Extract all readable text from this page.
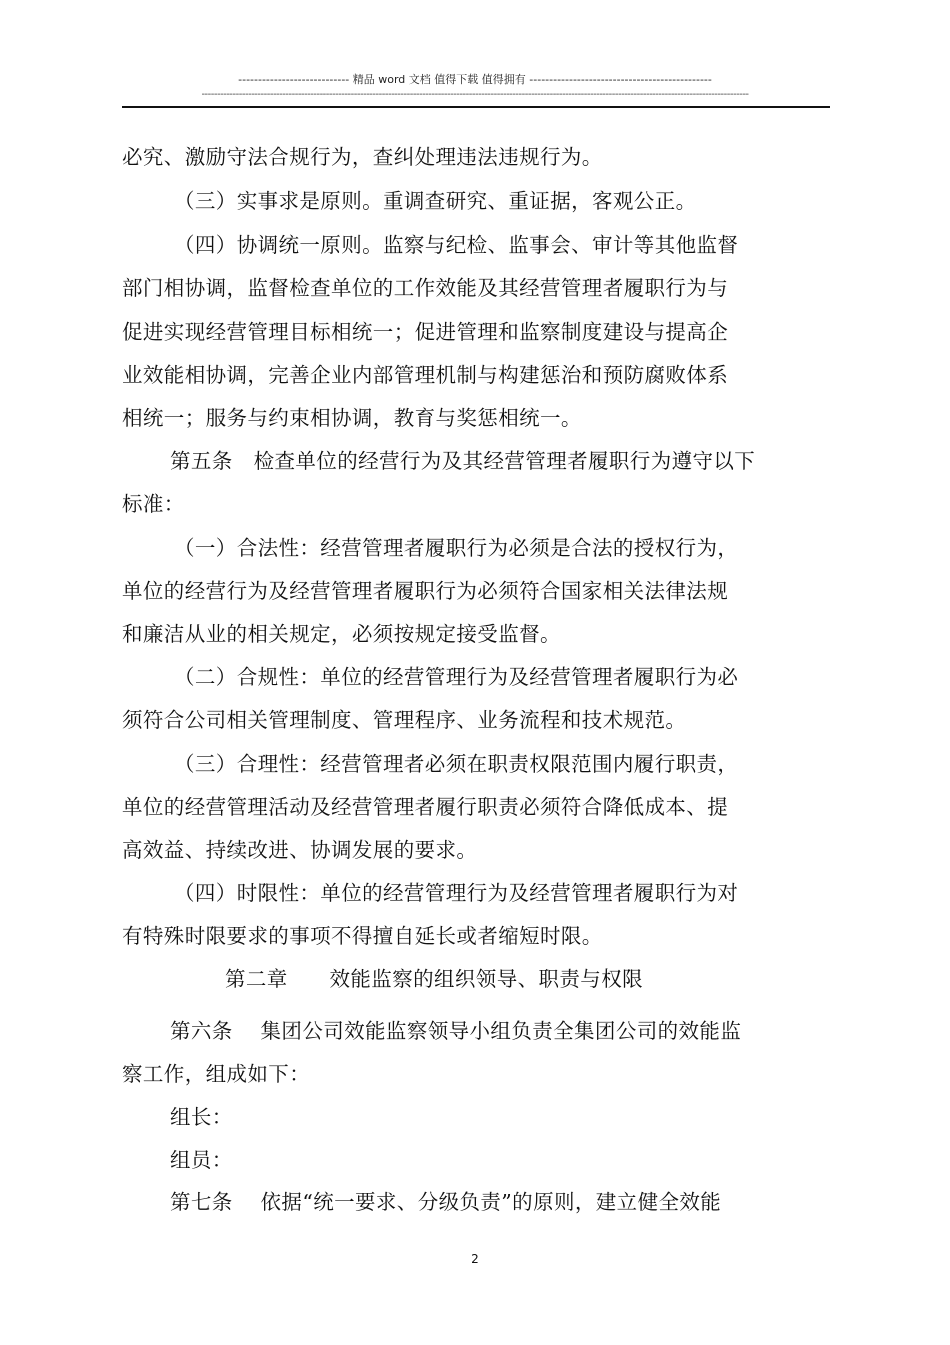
---------------------------- 精品 word 文档 值得下载 值得拥有 ----------------------------------------------
--------------------------------------------------------------------------------------------------------------------------------------------------------------------------------
必究、激励守法合规行为，查纠处理违法违规行为。
（三）实事求是原则。重调查研究、重证据，客观公正。
（四）协调统一原则。监察与纪检、监事会、审计等其他监督
部门相协调，监督检查单位的工作效能及其经营管理者履职行为与
促进实现经营管理目标相统一；促进管理和监察制度建设与提高企
业效能相协调，完善企业内部管理机制与构建惩治和预防腐败体系
相统一；服务与约束相协调，教育与奖惩相统一。
第五条　检查单位的经营行为及其经营管理者履职行为遵守以下
标准：
（一）合法性：经营管理者履职行为必须是合法的授权行为，
单位的经营行为及经营管理者履职行为必须符合国家相关法律法规
和廉洁从业的相关规定，必须按规定接受监督。
（二）合规性：单位的经营管理行为及经营管理者履职行为必
须符合公司相关管理制度、管理程序、业务流程和技术规范。
（三）合理性：经营管理者必须在职责权限范围内履行职责，
单位的经营管理活动及经营管理者履行职责必须符合降低成本、提
高效益、持续改进、协调发展的要求。
（四）时限性：单位的经营管理行为及经营管理者履职行为对
有特殊时限要求的事项不得擅自延长或者缩短时限。
第二章　　效能监察的组织领导、职责与权限
第六条　 集团公司效能监察领导小组负责全集团公司的效能监
察工作，组成如下：
组长：
组员：
第七条　 依据“统一要求、分级负责”的原则，建立健全效能
2
